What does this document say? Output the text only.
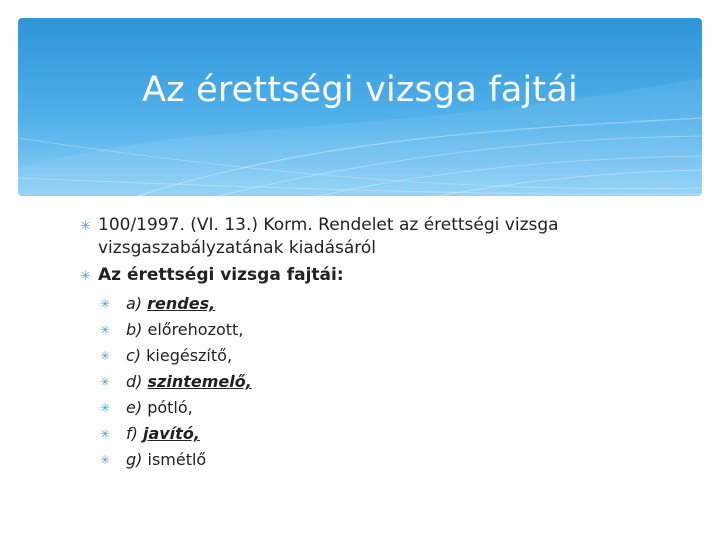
Az érettségi vizsga fajtái
✳ 100/1997. (VI. 13.) Korm. Rendelet az érettségi vizsga vizsgaszabályzatának kiadásáról
✳ Az érettségi vizsga fajtái:
✳ a) rendes,
✳ b) előrehozott,
✳ c) kiegészítő,
✳ d) szintemelő,
✳ e) pótló,
✳ f) javító,
✳ g) ismétlő
